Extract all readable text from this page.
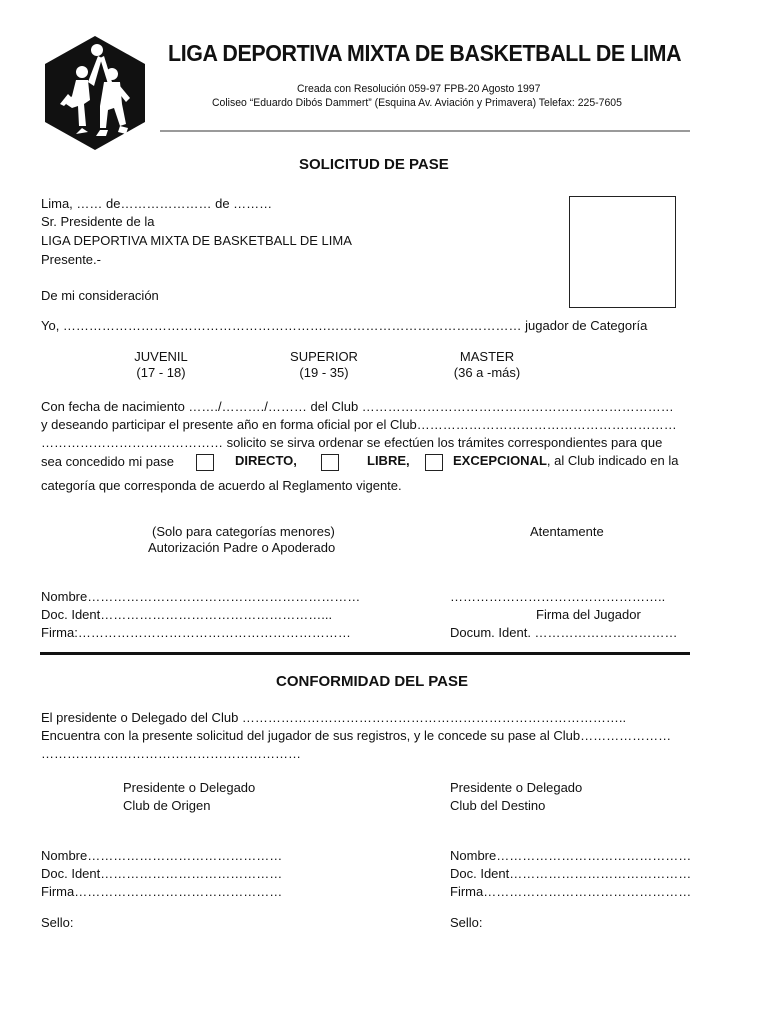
LIGA DEPORTIVA MIXTA DE BASKETBALL DE LIMA
Creada con Resolución 059-97 FPB-20 Agosto 1997
Coliseo “Eduardo Dibós Dammert” (Esquina Av. Aviación y Primavera) Telefax: 225-7605
SOLICITUD DE PASE
Lima, …… de………………… de ………
Sr. Presidente de la
LIGA DEPORTIVA MIXTA DE BASKETBALL DE LIMA
Presente.-
De mi consideración
Yo, …………………………………………………….……………………………………… jugador de Categoría
JUVENIL
(17 - 18)
SUPERIOR
(19 - 35)
MASTER
(36 a -más)
Con fecha de nacimiento ……./………./……… del Club ………………………………………………………………
y deseando participar el presente año en forma oficial por el Club……………………………………………………
…………………………………… solicito se sirva ordenar se efectúen los trámites correspondientes para que
sea concedido mi pase	DIRECTO,	LIBRE,	EXCEPCIONAL, al Club indicado en la
categoría que corresponda de acuerdo al Reglamento vigente.
(Solo para categorías menores)
Autorización Padre o Apoderado
Atentamente
Nombre………………………………………………………
Doc. Ident……………………………………………...
Firma:………………………………………………………
…………………………………………..
Firma del Jugador
Docum. Ident. ……………………………
CONFORMIDAD DEL PASE
El presidente o Delegado del Club ……………………………………………………………………………..
Encuentra con la presente solicitud del jugador de sus registros, y le concede su pase al Club…………………
……………………………………………………
Presidente o Delegado
Club de Origen
Presidente o Delegado
Club del Destino
Nombre………………………………………
Doc. Ident……………………………………
Firma…………………………………………
Sello:
Nombre………………………………………
Doc. Ident……………………………………
Firma…………………………………………
Sello:
